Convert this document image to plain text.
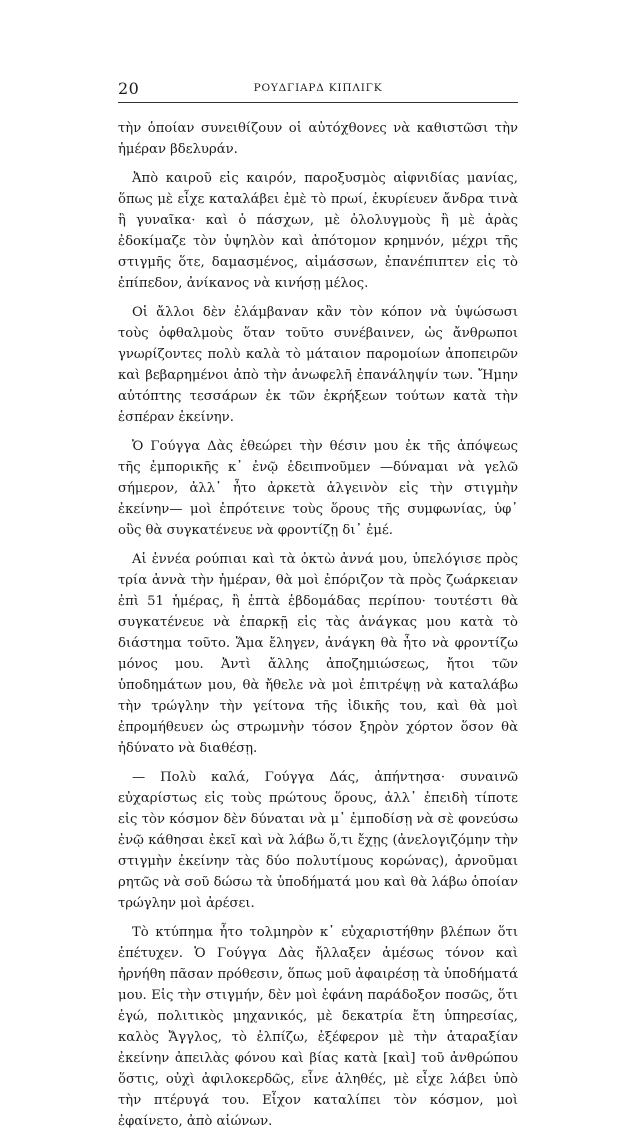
20	ΡΟΥΔΓΙΑΡΔ ΚΙΠΛΙΓΚ

τὴν ὁποίαν συνειθίζουν οἱ αὐτόχθονες νὰ καθιστῶσι τὴν ἡμέραν βδελυράν.

Ἀπὸ καιροῦ εἰς καιρόν, παροξυσμὸς αἰφνιδίας μανίας, ὅπως μὲ εἶχε καταλάβει ἐμὲ τὸ πρωί, ἐκυρίευεν ἄνδρα τινὰ ἢ γυναῖκα· καὶ ὁ πάσχων, μὲ ὀλολυγμοὺς ἢ μὲ ἀρὰς ἐδοκίμαζε τὸν ὑψηλὸν καὶ ἀπότομον κρημνόν, μέχρι τῆς στιγμῆς ὅτε, δαμασμένος, αἱμάσσων, ἐπανέπιπτεν εἰς τὸ ἐπίπεδον, ἀνίκανος νὰ κινήσῃ μέλος.

Οἱ ἄλλοι δὲν ἐλάμβαναν κἂν τὸν κόπον νὰ ὑψώσωσι τοὺς ὀφθαλμοὺς ὅταν τοῦτο συνέβαινεν, ὡς ἄνθρωποι γνωρίζοντες πολὺ καλὰ τὸ μάταιον παρομοίων ἀποπειρῶν καὶ βεβαρημένοι ἀπὸ τὴν ἀνωφελῆ ἐπανάληψίν των. Ἤμην αὐτόπτης τεσσάρων ἐκ τῶν ἐκρήξεων τούτων κατὰ τὴν ἑσπέραν ἐκείνην.

Ὁ Γούγγα Δὰς ἐθεώρει τὴν θέσιν μου ἐκ τῆς ἀπόψεως τῆς ἐμπορικῆς κ᾽ ἐνῷ ἐδειπνοῦμεν —δύναμαι νὰ γελῶ σήμερον, ἀλλ᾽ ἦτο ἀρκετὰ ἀλγεινὸν εἰς τὴν στιγμὴν ἐκείνην— μοὶ ἐπρότεινε τοὺς ὅρους τῆς συμφωνίας, ὑφ᾽ οὓς θὰ συγκατένευε νὰ φροντίζῃ δι᾽ ἐμέ.

Αἱ ἐννέα ρούπιαι καὶ τὰ ὀκτὼ ἀννά μου, ὑπελόγισε πρὸς τρία ἀννὰ τὴν ἡμέραν, θὰ μοὶ ἐπόριζον τὰ πρὸς ζωάρκειαν ἐπὶ 51 ἡμέρας, ἢ ἑπτὰ ἑβδομάδας περίπου· τουτέστι θὰ συγκατένευε νὰ ἐπαρκῇ εἰς τὰς ἀνάγκας μου κατὰ τὸ διάστημα τοῦτο. Ἅμα ἔληγεν, ἀνάγκη θὰ ἦτο νὰ φροντίζω μόνος μου. Ἀντὶ ἄλλης ἀποζημιώσεως, ἤτοι τῶν ὑποδημάτων μου, θὰ ἤθελε νὰ μοὶ ἐπιτρέψῃ νὰ καταλάβω τὴν τρώγλην τὴν γείτονα τῆς ἰδικῆς του, καὶ θὰ μοὶ ἐπρομήθευεν ὡς στρωμνὴν τόσον ξηρὸν χόρτον ὅσον θὰ ἠδύνατο νὰ διαθέσῃ.

— Πολὺ καλά, Γούγγα Δάς, ἀπήντησα· συναινῶ εὐχαρίστως εἰς τοὺς πρώτους ὅρους, ἀλλ᾽ ἐπειδὴ τίποτε εἰς τὸν κόσμον δὲν δύναται νὰ μ᾽ ἐμποδίσῃ νὰ σὲ φονεύσω ἐνῷ κάθησαι ἐκεῖ καὶ νὰ λάβω ὅ,τι ἔχῃς (ἀνελογιζόμην τὴν στιγμὴν ἐκείνην τὰς δύο πολυτίμους κορώνας), ἀρνοῦμαι ρητῶς νὰ σοῦ δώσω τὰ ὑποδήματά μου καὶ θὰ λάβω ὁποίαν τρώγλην μοὶ ἀρέσει.

Τὸ κτύπημα ἦτο τολμηρὸν κ᾽ εὐχαριστήθην βλέπων ὅτι ἐπέτυχεν. Ὁ Γούγγα Δὰς ἤλλαξεν ἀμέσως τόνον καὶ ἠρνήθη πᾶσαν πρόθεσιν, ὅπως μοῦ ἀφαιρέσῃ τὰ ὑποδήματά μου. Εἰς τὴν στιγμήν, δὲν μοὶ ἐφάνη παράδοξον ποσῶς, ὅτι ἐγώ, πολιτικὸς μηχανικός, μὲ δεκατρία ἔτη ὑπηρεσίας, καλὸς Ἄγγλος, τὸ ἐλπίζω, ἐξέφερον μὲ τὴν ἀταραξίαν ἐκείνην ἀπειλὰς φόνου καὶ βίας κατὰ [καὶ] τοῦ ἀνθρώπου ὅστις, οὐχὶ ἀφιλοκερδῶς, εἶνε ἀληθές, μὲ εἶχε λάβει ὑπὸ τὴν πτέρυγά του. Εἶχον καταλίπει τὸν κόσμον, μοὶ ἐφαίνετο, ἀπὸ αἰώνων.
